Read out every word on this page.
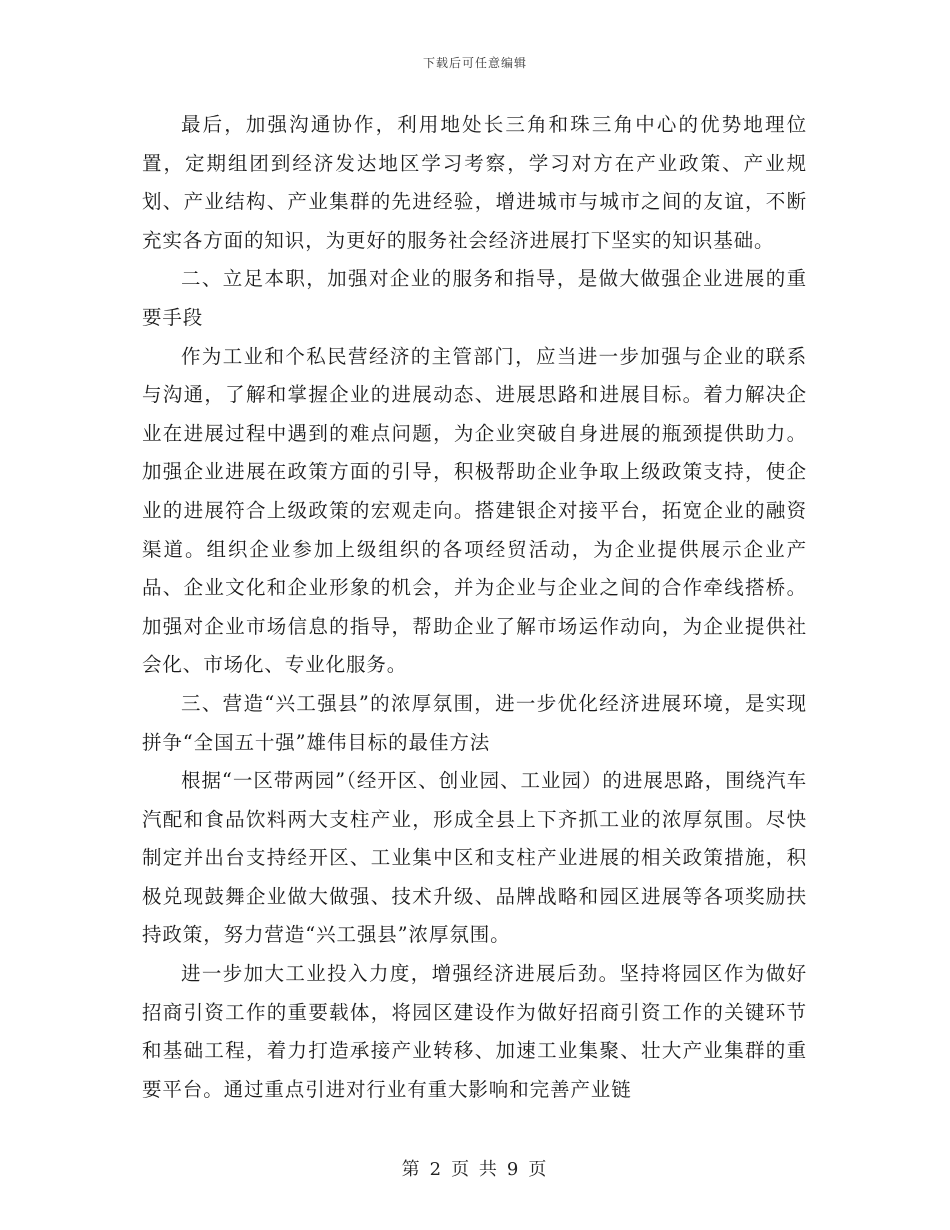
下载后可任意编辑

最后，加强沟通协作，利用地处长三角和珠三角中心的优势地理位置，定期组团到经济发达地区学习考察，学习对方在产业政策、产业规划、产业结构、产业集群的先进经验，增进城市与城市之间的友谊，不断充实各方面的知识，为更好的服务社会经济进展打下坚实的知识基础。

二、立足本职，加强对企业的服务和指导，是做大做强企业进展的重要手段

作为工业和个私民营经济的主管部门，应当进一步加强与企业的联系与沟通，了解和掌握企业的进展动态、进展思路和进展目标。着力解决企业在进展过程中遇到的难点问题，为企业突破自身进展的瓶颈提供助力。加强企业进展在政策方面的引导，积极帮助企业争取上级政策支持，使企业的进展符合上级政策的宏观走向。搭建银企对接平台，拓宽企业的融资渠道。组织企业参加上级组织的各项经贸活动，为企业提供展示企业产品、企业文化和企业形象的机会，并为企业与企业之间的合作牵线搭桥。加强对企业市场信息的指导，帮助企业了解市场运作动向，为企业提供社会化、市场化、专业化服务。

三、营造“兴工强县”的浓厚氛围，进一步优化经济进展环境，是实现拼争“全国五十强”雄伟目标的最佳方法

根据“一区带两园”（经开区、创业园、工业园）的进展思路，围绕汽车汽配和食品饮料两大支柱产业，形成全县上下齐抓工业的浓厚氛围。尽快制定并出台支持经开区、工业集中区和支柱产业进展的相关政策措施，积极兑现鼓舞企业做大做强、技术升级、品牌战略和园区进展等各项奖励扶持政策，努力营造“兴工强县”浓厚氛围。

进一步加大工业投入力度，增强经济进展后劲。坚持将园区作为做好招商引资工作的重要载体，将园区建设作为做好招商引资工作的关键环节和基础工程，着力打造承接产业转移、加速工业集聚、壮大产业集群的重要平台。通过重点引进对行业有重大影响和完善产业链

第 2 页 共 9 页
